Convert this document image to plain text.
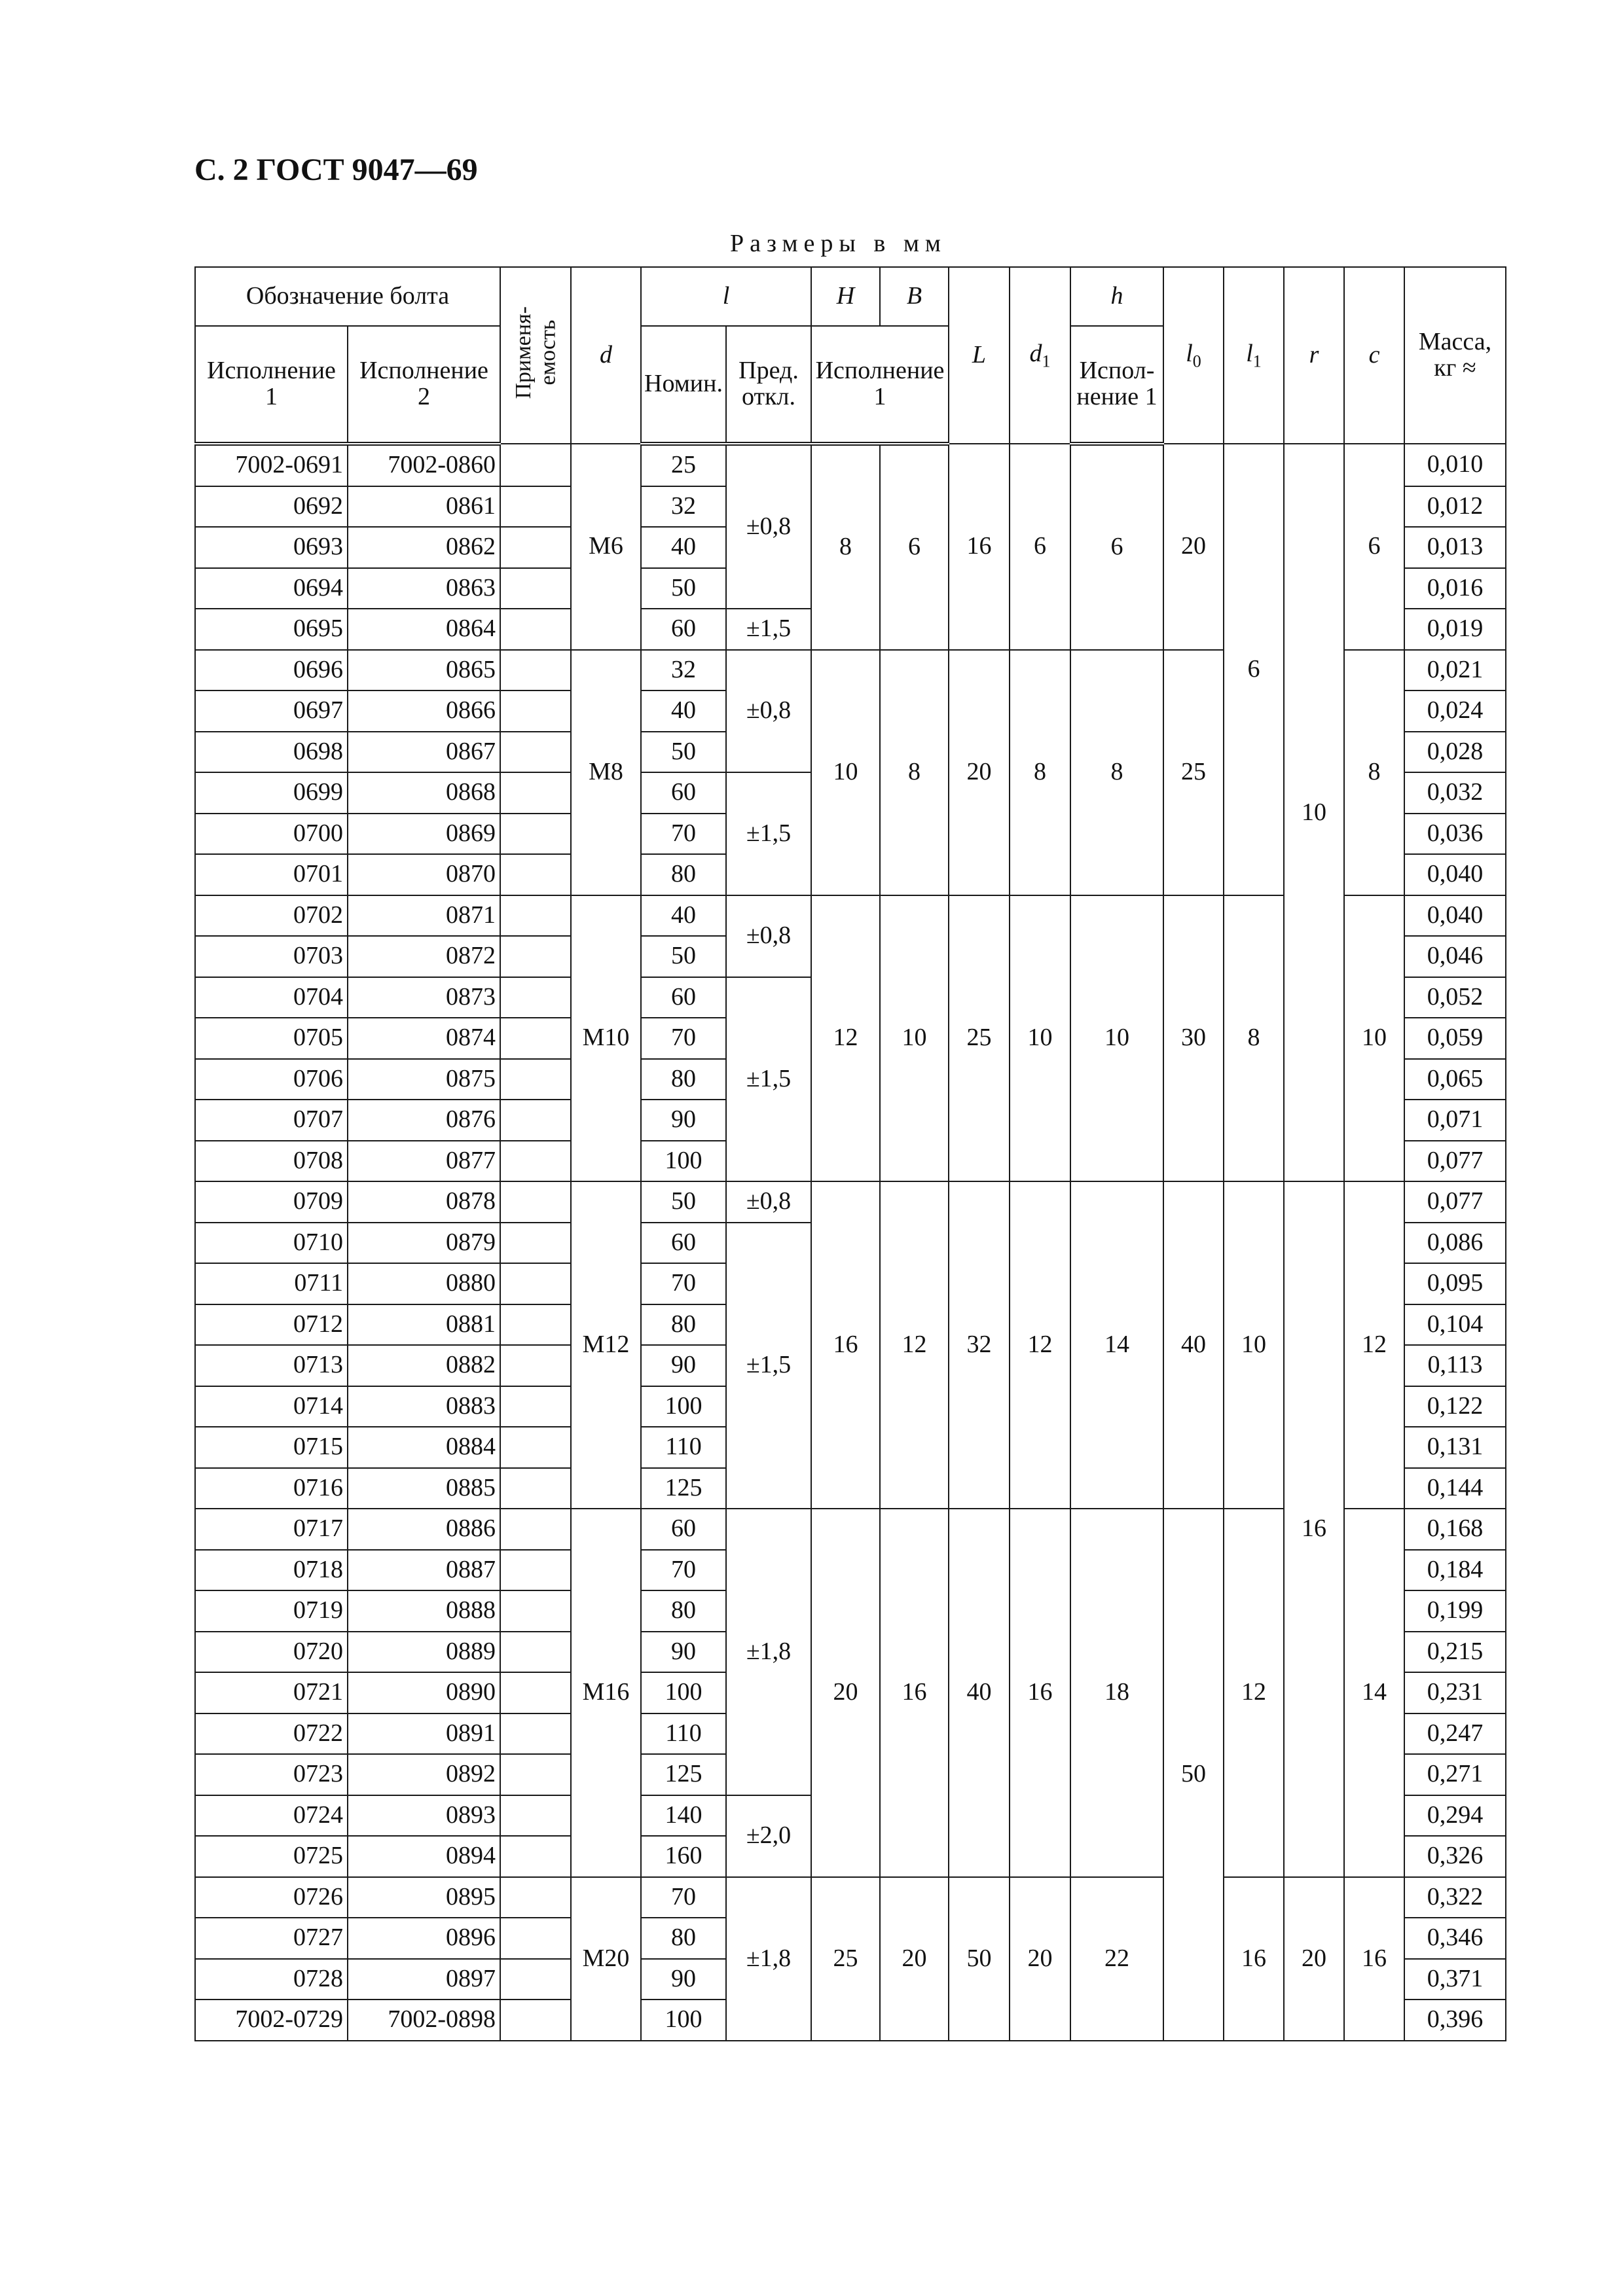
С. 2 ГОСТ 9047—69
Размеры в мм
Обозначение болта		Применя-
емость	d	l		H	B	L	$d_1$	h	$l_0$	$l_1$	r	c	Масса,
кг ≈
Исполнение
1	Исполнение
2			Номин.	Пред.
откл.	Исполнение
1				Испол-
нение 1					
7002-0691	7002-0860		М6	25	±0,8	8	6	16	6	6	20	6	10	6	0,010
0692	0861			32											0,012
0693	0862			40											0,013
0694	0863			50											0,016
0695	0864			60	±1,5										0,019
0696	0865		М8	32	±0,8	10	8	20	8	8	25			8	0,021
0697	0866			40											0,024
0698	0867			50											0,028
0699	0868			60	±1,5										0,032
0700	0869			70											0,036
0701	0870			80											0,040
0702	0871		М10	40	±0,8	12	10	25	10	10	30	8		10	0,040
0703	0872			50											0,046
0704	0873			60	±1,5										0,052
0705	0874			70											0,059
0706	0875			80											0,065
0707	0876			90											0,071
0708	0877			100											0,077
0709	0878		М12	50	±0,8	16	12	32	12	14	40	10	16	12	0,077
0710	0879			60	±1,5										0,086
0711	0880			70											0,095
0712	0881			80											0,104
0713	0882			90											0,113
0714	0883			100											0,122
0715	0884			110											0,131
0716	0885			125											0,144
0717	0886		М16	60	±1,8	20	16	40	16	18	50	12		14	0,168
0718	0887			70											0,184
0719	0888			80											0,199
0720	0889			90											0,215
0721	0890			100											0,231
0722	0891			110											0,247
0723	0892			125											0,271
0724	0893			140	±2,0										0,294
0725	0894			160											0,326
0726	0895		М20	70	±1,8	25	20	50	20	22		16	20	16	0,322
0727	0896			80											0,346
0728	0897			90											0,371
7002-0729	7002-0898			100											0,396
